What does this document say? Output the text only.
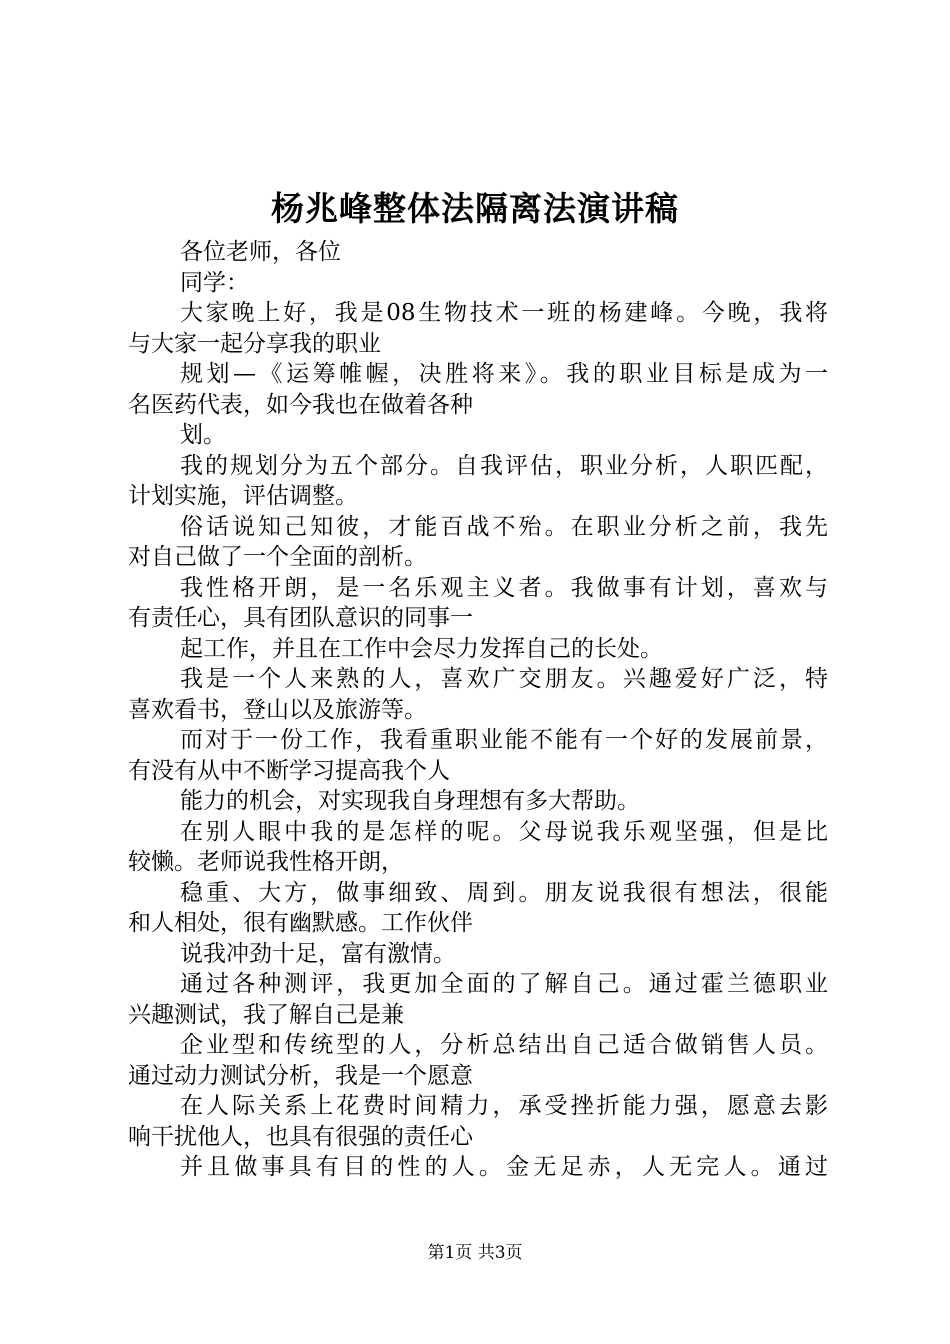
杨兆峰整体法隔离法演讲稿
各位老师，各位
同学：
大家晚上好，我是08生物技术一班的杨建峰。今晚，我将
与大家一起分享我的职业
规划—《运筹帷幄，决胜将来》。我的职业目标是成为一
名医药代表，如今我也在做着各种
划。
我的规划分为五个部分。自我评估，职业分析，人职匹配，
计划实施，评估调整。
俗话说知己知彼，才能百战不殆。在职业分析之前，我先
对自己做了一个全面的剖析。
我性格开朗，是一名乐观主义者。我做事有计划，喜欢与
有责任心，具有团队意识的同事一
起工作，并且在工作中会尽力发挥自己的长处。
我是一个人来熟的人，喜欢广交朋友。兴趣爱好广泛，特
喜欢看书，登山以及旅游等。
而对于一份工作，我看重职业能不能有一个好的发展前景，
有没有从中不断学习提高我个人
能力的机会，对实现我自身理想有多大帮助。
在别人眼中我的是怎样的呢。父母说我乐观坚强，但是比
较懒。老师说我性格开朗，
稳重、大方，做事细致、周到。朋友说我很有想法，很能
和人相处，很有幽默感。工作伙伴
说我冲劲十足，富有激情。
通过各种测评，我更加全面的了解自己。通过霍兰德职业
兴趣测试，我了解自己是兼
企业型和传统型的人，分析总结出自己适合做销售人员。
通过动力测试分析，我是一个愿意
在人际关系上花费时间精力，承受挫折能力强，愿意去影
响干扰他人，也具有很强的责任心
并且做事具有目的性的人。金无足赤，人无完人。通过
第1页 共3页
